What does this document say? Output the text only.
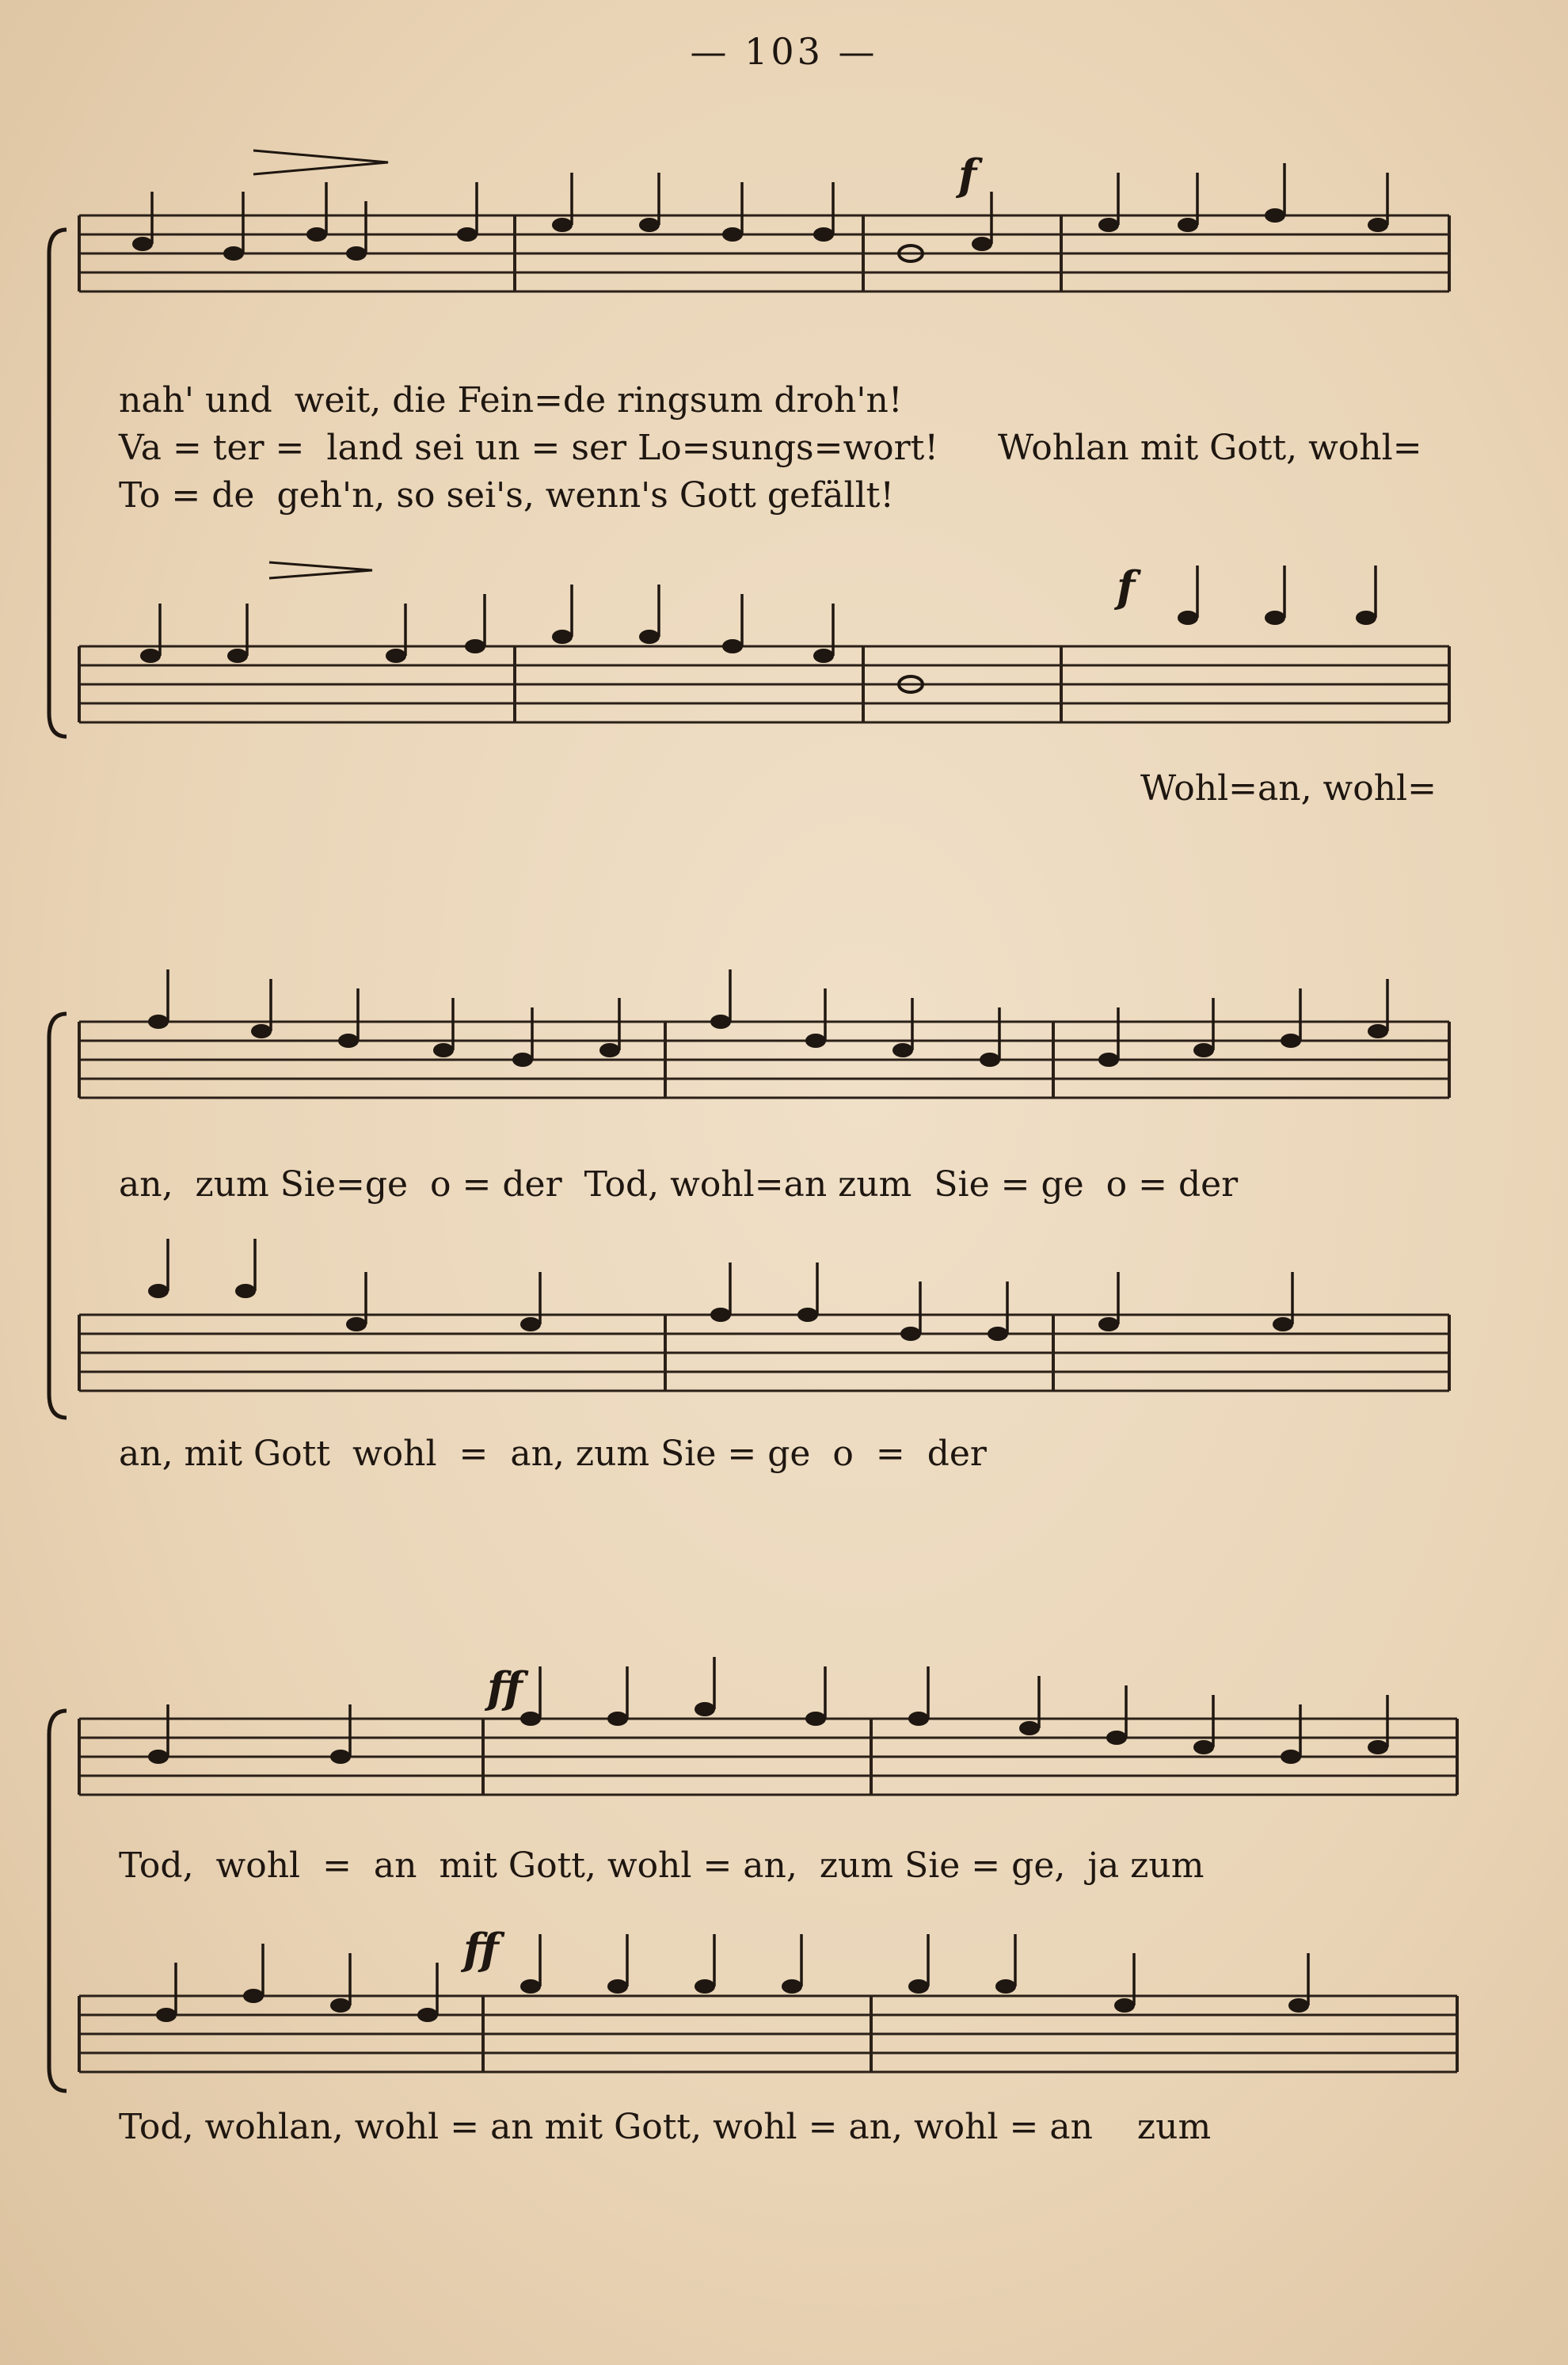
— 103 —
f
f
nah' und  weit, die Fein=de ringsum droh'n!
Va = ter =  land sei un = ser Lo=sungs=wort!
To = de  geh'n, so sei's, wenn's Gott gefällt!
Wohlan mit Gott, wohl=
Wohl=an, wohl=
an,  zum Sie=ge  o = der  Tod, wohl=an zum  Sie = ge  o = der
an, mit Gott  wohl  =  an, zum Sie = ge  o  =  der
ff
ff
Tod,  wohl  =  an  mit Gott, wohl = an,  zum Sie = ge,  ja zum
Tod, wohlan, wohl = an mit Gott, wohl = an, wohl = an    zum
